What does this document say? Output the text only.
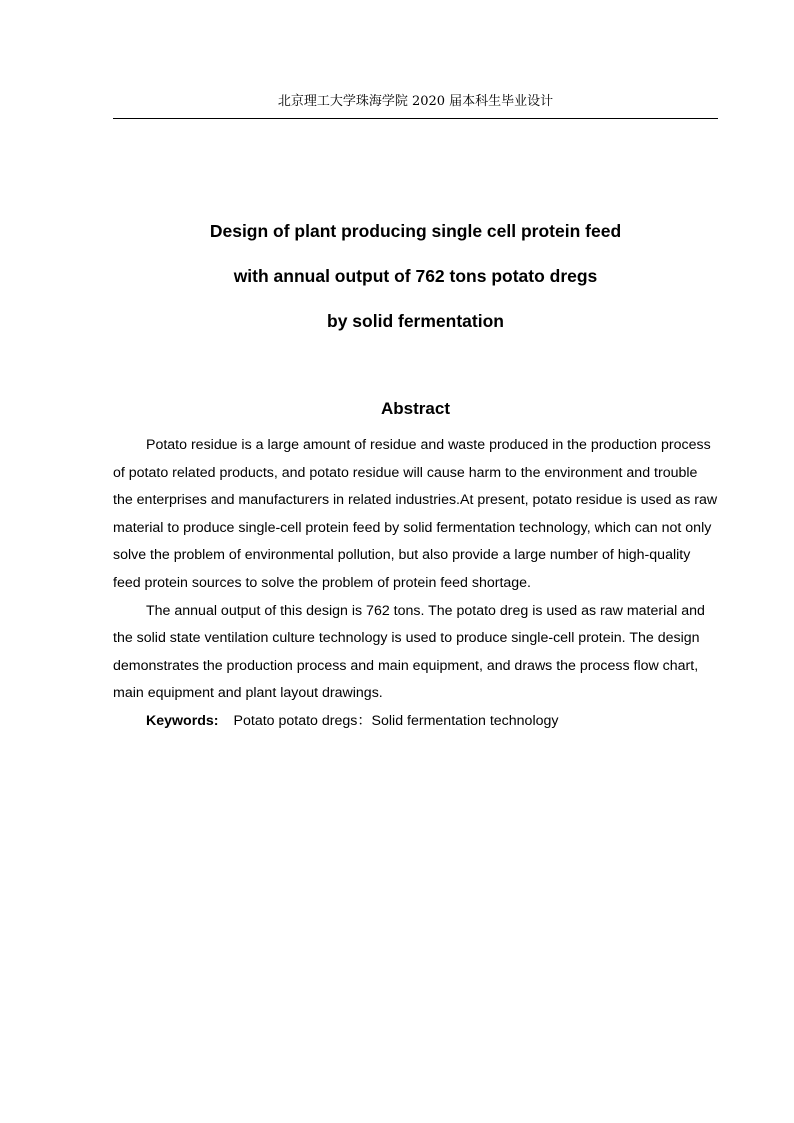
北京理工大学珠海学院 2020 届本科生毕业设计
Design of plant producing single cell protein feed
with annual output of 762 tons potato dregs
by solid fermentation
Abstract

Potato residue is a large amount of residue and waste produced in the production process of potato related products, and potato residue will cause harm to the environment and trouble the enterprises and manufacturers in related industries.At present, potato residue is used as raw material to produce single-cell protein feed by solid fermentation technology, which can not only solve the problem of environmental pollution, but also provide a large number of high-quality feed protein sources to solve the problem of protein feed shortage.

The annual output of this design is 762 tons. The potato dreg is used as raw material and the solid state ventilation culture technology is used to produce single-cell protein. The design demonstrates the production process and main equipment, and draws the process flow chart, main equipment and plant layout drawings.

Keywords: Potato potato dregs：Solid fermentation technology
